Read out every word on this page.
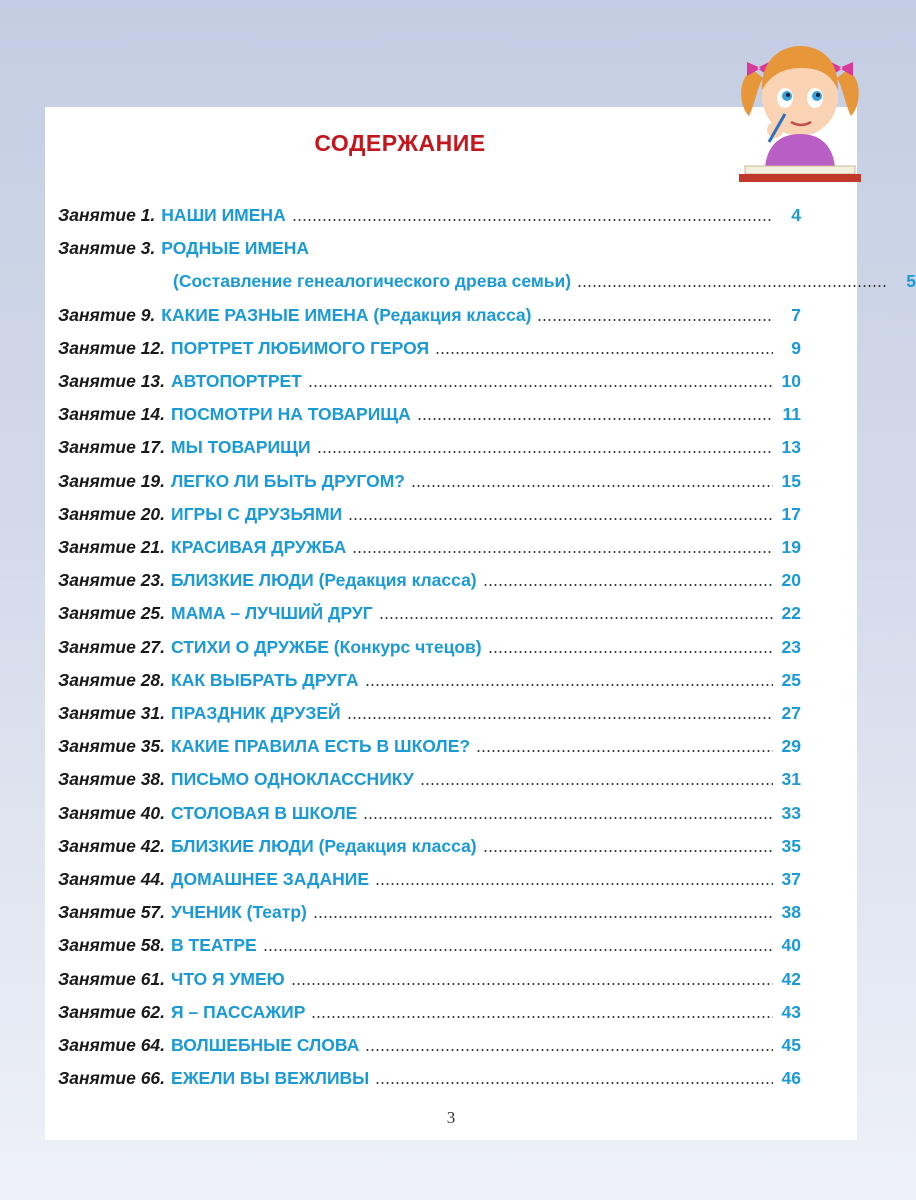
СОДЕРЖАНИЕ
Занятие 1. НАШИ ИМЕНА	4
Занятие 3. РОДНЫЕ ИМЕНА
(Составление генеалогического древа семьи)	5
Занятие 9. КАКИЕ РАЗНЫЕ ИМЕНА (Редакция класса)	7
Занятие 12. ПОРТРЕТ ЛЮБИМОГО ГЕРОЯ	9
Занятие 13. АВТОПОРТРЕТ	10
Занятие 14. ПОСМОТРИ НА ТОВАРИЩА	11
Занятие 17. МЫ ТОВАРИЩИ	13
Занятие 19. ЛЕГКО ЛИ БЫТЬ ДРУГОМ?	15
Занятие 20. ИГРЫ С ДРУЗЬЯМИ	17
Занятие 21. КРАСИВАЯ ДРУЖБА	19
Занятие 23. БЛИЗКИЕ ЛЮДИ (Редакция класса)	20
Занятие 25. МАМА – ЛУЧШИЙ ДРУГ	22
Занятие 27. СТИХИ О ДРУЖБЕ (Конкурс чтецов)	23
Занятие 28. КАК ВЫБРАТЬ ДРУГА	25
Занятие 31. ПРАЗДНИК ДРУЗЕЙ	27
Занятие 35. КАКИЕ ПРАВИЛА ЕСТЬ В ШКОЛЕ?	29
Занятие 38. ПИСЬМО ОДНОКЛАССНИКУ	31
Занятие 40. СТОЛОВАЯ В ШКОЛЕ	33
Занятие 42. БЛИЗКИЕ ЛЮДИ (Редакция класса)	35
Занятие 44. ДОМАШНЕЕ ЗАДАНИЕ	37
Занятие 57. УЧЕНИК (Театр)	38
Занятие 58. В ТЕАТРЕ	40
Занятие 61. ЧТО Я УМЕЮ	42
Занятие 62. Я – ПАССАЖИР	43
Занятие 64. ВОЛШЕБНЫЕ СЛОВА	45
Занятие 66. ЕЖЕЛИ ВЫ ВЕЖЛИВЫ	46
3
